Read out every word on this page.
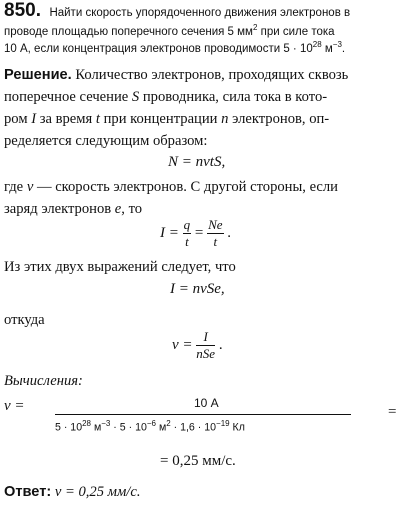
850. Найти скорость упорядоченного движения электронов в
проводе площадью поперечного сечения 5 $мм^2$ при силе тока
10 А, если концентрация электронов проводимости $5 \cdot 10^{28}$ $м^{-3}$.
Решение. Количество электронов, проходящих сквозь
поперечное сечение S проводника, сила тока в кото-
ром I за время t при концентрации n электронов, оп-
ределяется следующим образом:
N = nvtS,
где v — скорость электронов. С другой стороны, если
заряд электронов e, то
$I = \frac{q}{t} = \frac{Ne}{t}$ .
Из этих двух выражений следует, что
I = nvSe,
откуда
$v = \frac{I}{\text{nSe}}$ .
Вычисления:
v =	10 А
$5 \cdot 10^{28}$ $м^{-3} \cdot 5 \cdot 10^{-6}$ $м^2 \cdot 1,6 \cdot 10^{-19}$ Кл
=
= 0,25 мм/с.
Ответ: v = 0,25 мм/с.
